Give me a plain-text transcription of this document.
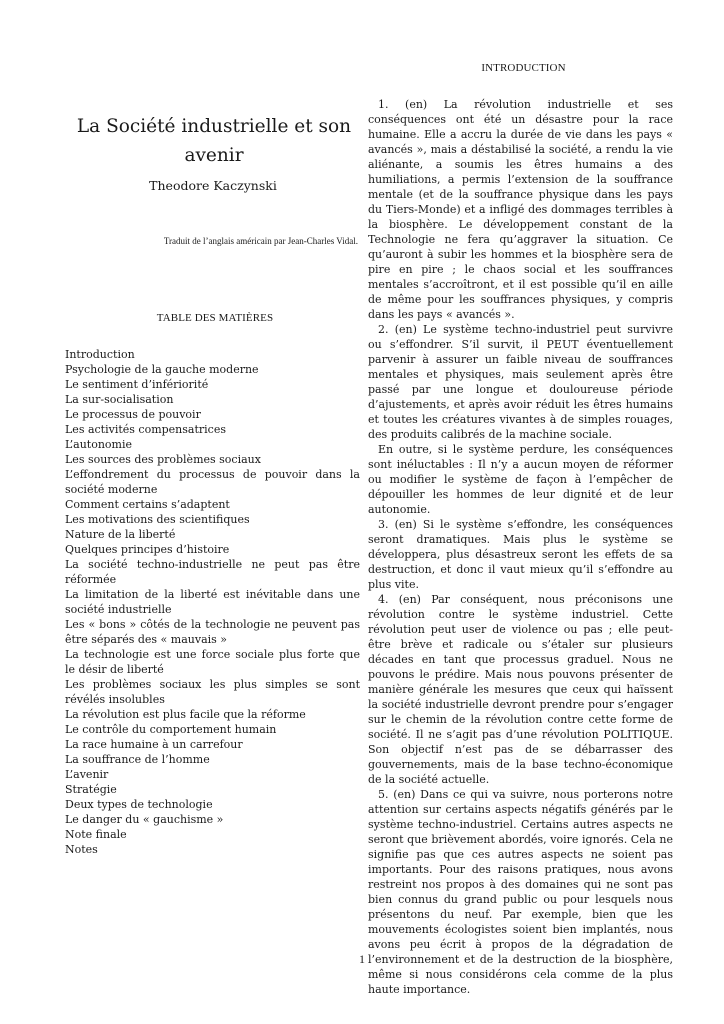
La Société industrielle et son avenir
Theodore Kaczynski
Traduit de l’anglais américain par Jean-Charles Vidal.
TABLE DES MATIÈRES
Introduction
Psychologie de la gauche moderne
Le sentiment d’infériorité
La sur-socialisation
Le processus de pouvoir
Les activités compensatrices
L’autonomie
Les sources des problèmes sociaux
L’effondrement du processus de pouvoir dans la société moderne
Comment certains s’adaptent
Les motivations des scientifiques
Nature de la liberté
Quelques principes d’histoire
La société techno-industrielle ne peut pas être réformée
La limitation de la liberté est inévitable dans une société industrielle
Les « bons » côtés de la technologie ne peuvent pas être séparés des « mauvais »
La technologie est une force sociale plus forte que le désir de liberté
Les problèmes sociaux les plus simples se sont révélés insolubles
La révolution est plus facile que la réforme
Le contrôle du comportement humain
La race humaine à un carrefour
La souffrance de l’homme
L’avenir
Stratégie
Deux types de technologie
Le danger du « gauchisme »
Note finale
Notes
INTRODUCTION

1. (en) La révolution industrielle et ses conséquences ont été un désastre pour la race humaine. Elle a accru la durée de vie dans les pays « avancés », mais a déstabilisé la société, a rendu la vie aliénante, a soumis les êtres humains a des humiliations, a permis l’extension de la souffrance mentale (et de la souffrance physique dans les pays du Tiers-Monde) et a infligé des dommages terribles à la biosphère. Le développement constant de la Technologie ne fera qu’aggraver la situation. Ce qu’auront à subir les hommes et la biosphère sera de pire en pire ; le chaos social et les souffrances mentales s’accroîtront, et il est possible qu’il en aille de même pour les souffrances physiques, y compris dans les pays « avancés ».

2. (en) Le système techno-industriel peut survivre ou s’effondrer. S’il survit, il PEUT éventuellement parvenir à assurer un faible niveau de souffrances mentales et physiques, mais seulement après être passé par une longue et douloureuse période d’ajustements, et après avoir réduit les êtres humains et toutes les créatures vivantes à de simples rouages, des produits calibrés de la machine sociale.

En outre, si le système perdure, les conséquences sont inéluctables : Il n’y a aucun moyen de réformer ou modifier le système de façon à l’empêcher de dépouiller les hommes de leur dignité et de leur autonomie.

3. (en) Si le système s’effondre, les conséquences seront dramatiques. Mais plus le système se développera, plus désastreux seront les effets de sa destruction, et donc il vaut mieux qu’il s’effondre au plus vite.

4. (en) Par conséquent, nous préconisons une révolution contre le système industriel. Cette révolution peut user de violence ou pas ; elle peut-être brève et radicale ou s’étaler sur plusieurs décades en tant que processus graduel. Nous ne pouvons le prédire. Mais nous pouvons présenter de manière générale les mesures que ceux qui haïssent la société industrielle devront prendre pour s’engager sur le chemin de la révolution contre cette forme de société. Il ne s’agit pas d’une révolution POLITIQUE. Son objectif n’est pas de se débarrasser des gouvernements, mais de la base techno-économique de la société actuelle.

5. (en) Dans ce qui va suivre, nous porterons notre attention sur certains aspects négatifs générés par le système techno-industriel. Certains autres aspects ne seront que brièvement abordés, voire ignorés. Cela ne signifie pas que ces autres aspects ne soient pas importants. Pour des raisons pratiques, nous avons restreint nos propos à des domaines qui ne sont pas bien connus du grand public ou pour lesquels nous présentons du neuf. Par exemple, bien que les mouvements écologistes soient bien implantés, nous avons peu écrit à propos de la dégradation de l’environnement et de la destruction de la biosphère, même si nous considérons cela comme de la plus haute importance.

1
